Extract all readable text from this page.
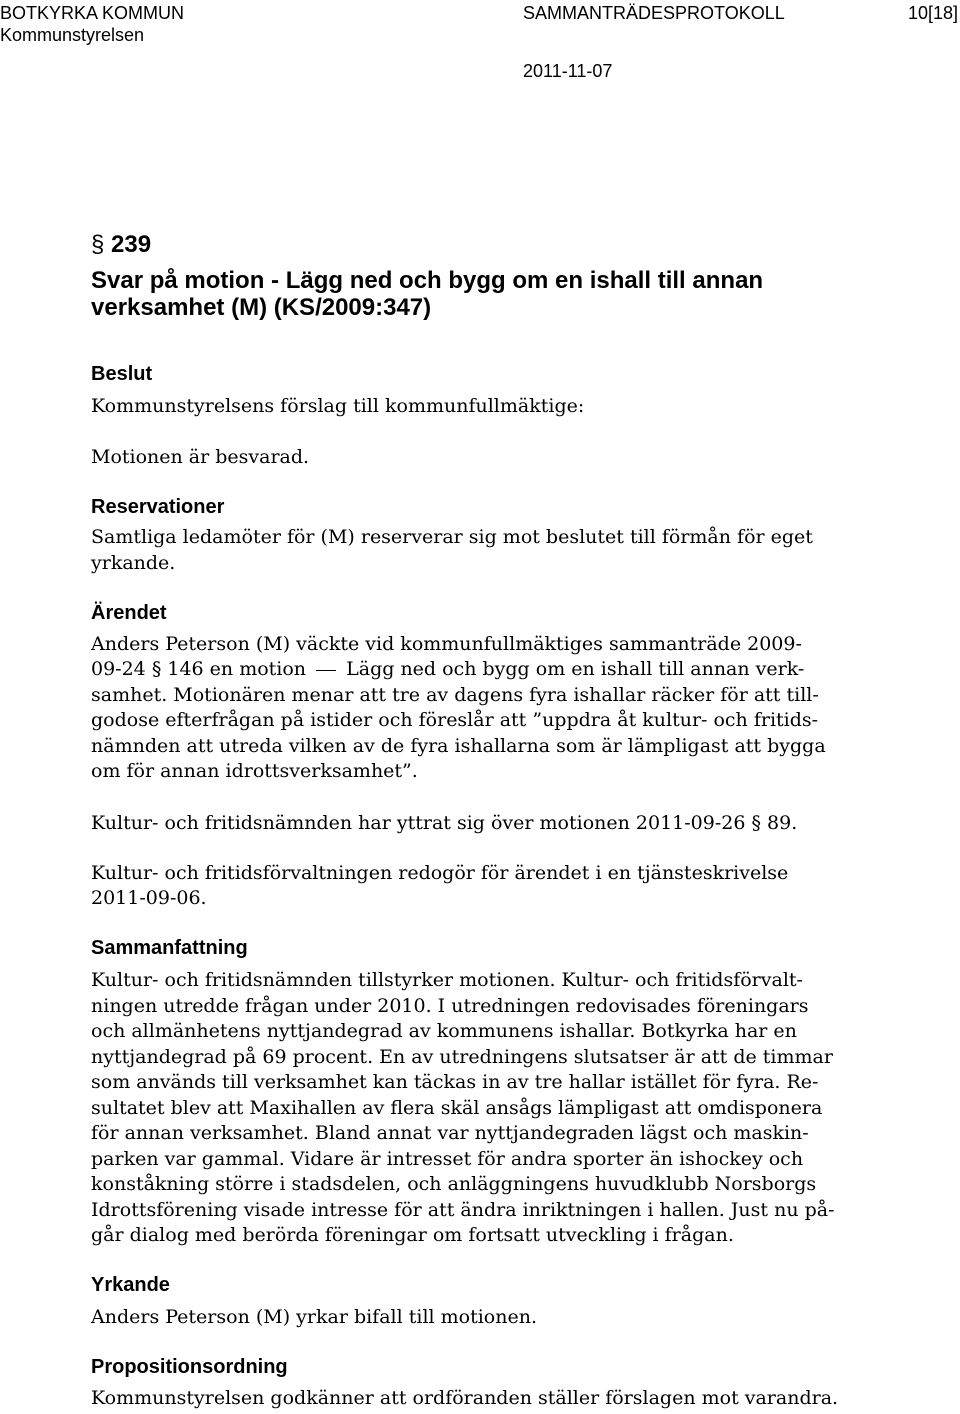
BOTKYRKA KOMMUN	SAMMANTRÄDESPROTOKOLL	10[18]
Kommunstyrelsen
2011-11-07
§ 239
Svar på motion - Lägg ned och bygg om en ishall till annan
verksamhet (M) (KS/2009:347)
Beslut
Kommunstyrelsens förslag till kommunfullmäktige:
Motionen är besvarad.
Reservationer
Samtliga ledamöter för (M) reserverar sig mot beslutet till förmån för eget
yrkande.
Ärendet
Anders Peterson (M) väckte vid kommunfullmäktiges sammanträde 2009-
09-24 § 146 en motion Lägg ned och bygg om en ishall till annan verk-
samhet. Motionären menar att tre av dagens fyra ishallar räcker för att till-
godose efterfrågan på istider och föreslår att ”uppdra åt kultur- och fritids-
nämnden att utreda vilken av de fyra ishallarna som är lämpligast att bygga
om för annan idrottsverksamhet”.
Kultur- och fritidsnämnden har yttrat sig över motionen 2011-09-26 § 89.
Kultur- och fritidsförvaltningen redogör för ärendet i en tjänsteskrivelse
2011-09-06.
Sammanfattning
Kultur- och fritidsnämnden tillstyrker motionen. Kultur- och fritidsförvalt-
ningen utredde frågan under 2010. I utredningen redovisades föreningars
och allmänhetens nyttjandegrad av kommunens ishallar. Botkyrka har en
nyttjandegrad på 69 procent. En av utredningens slutsatser är att de timmar
som används till verksamhet kan täckas in av tre hallar istället för fyra. Re-
sultatet blev att Maxihallen av flera skäl ansågs lämpligast att omdisponera
för annan verksamhet. Bland annat var nyttjandegraden lägst och maskin-
parken var gammal. Vidare är intresset för andra sporter än ishockey och
konståkning större i stadsdelen, och anläggningens huvudklubb Norsborgs
Idrottsförening visade intresse för att ändra inriktningen i hallen. Just nu på-
går dialog med berörda föreningar om fortsatt utveckling i frågan.
Yrkande
Anders Peterson (M) yrkar bifall till motionen.
Propositionsordning
Kommunstyrelsen godkänner att ordföranden ställer förslagen mot varandra.
